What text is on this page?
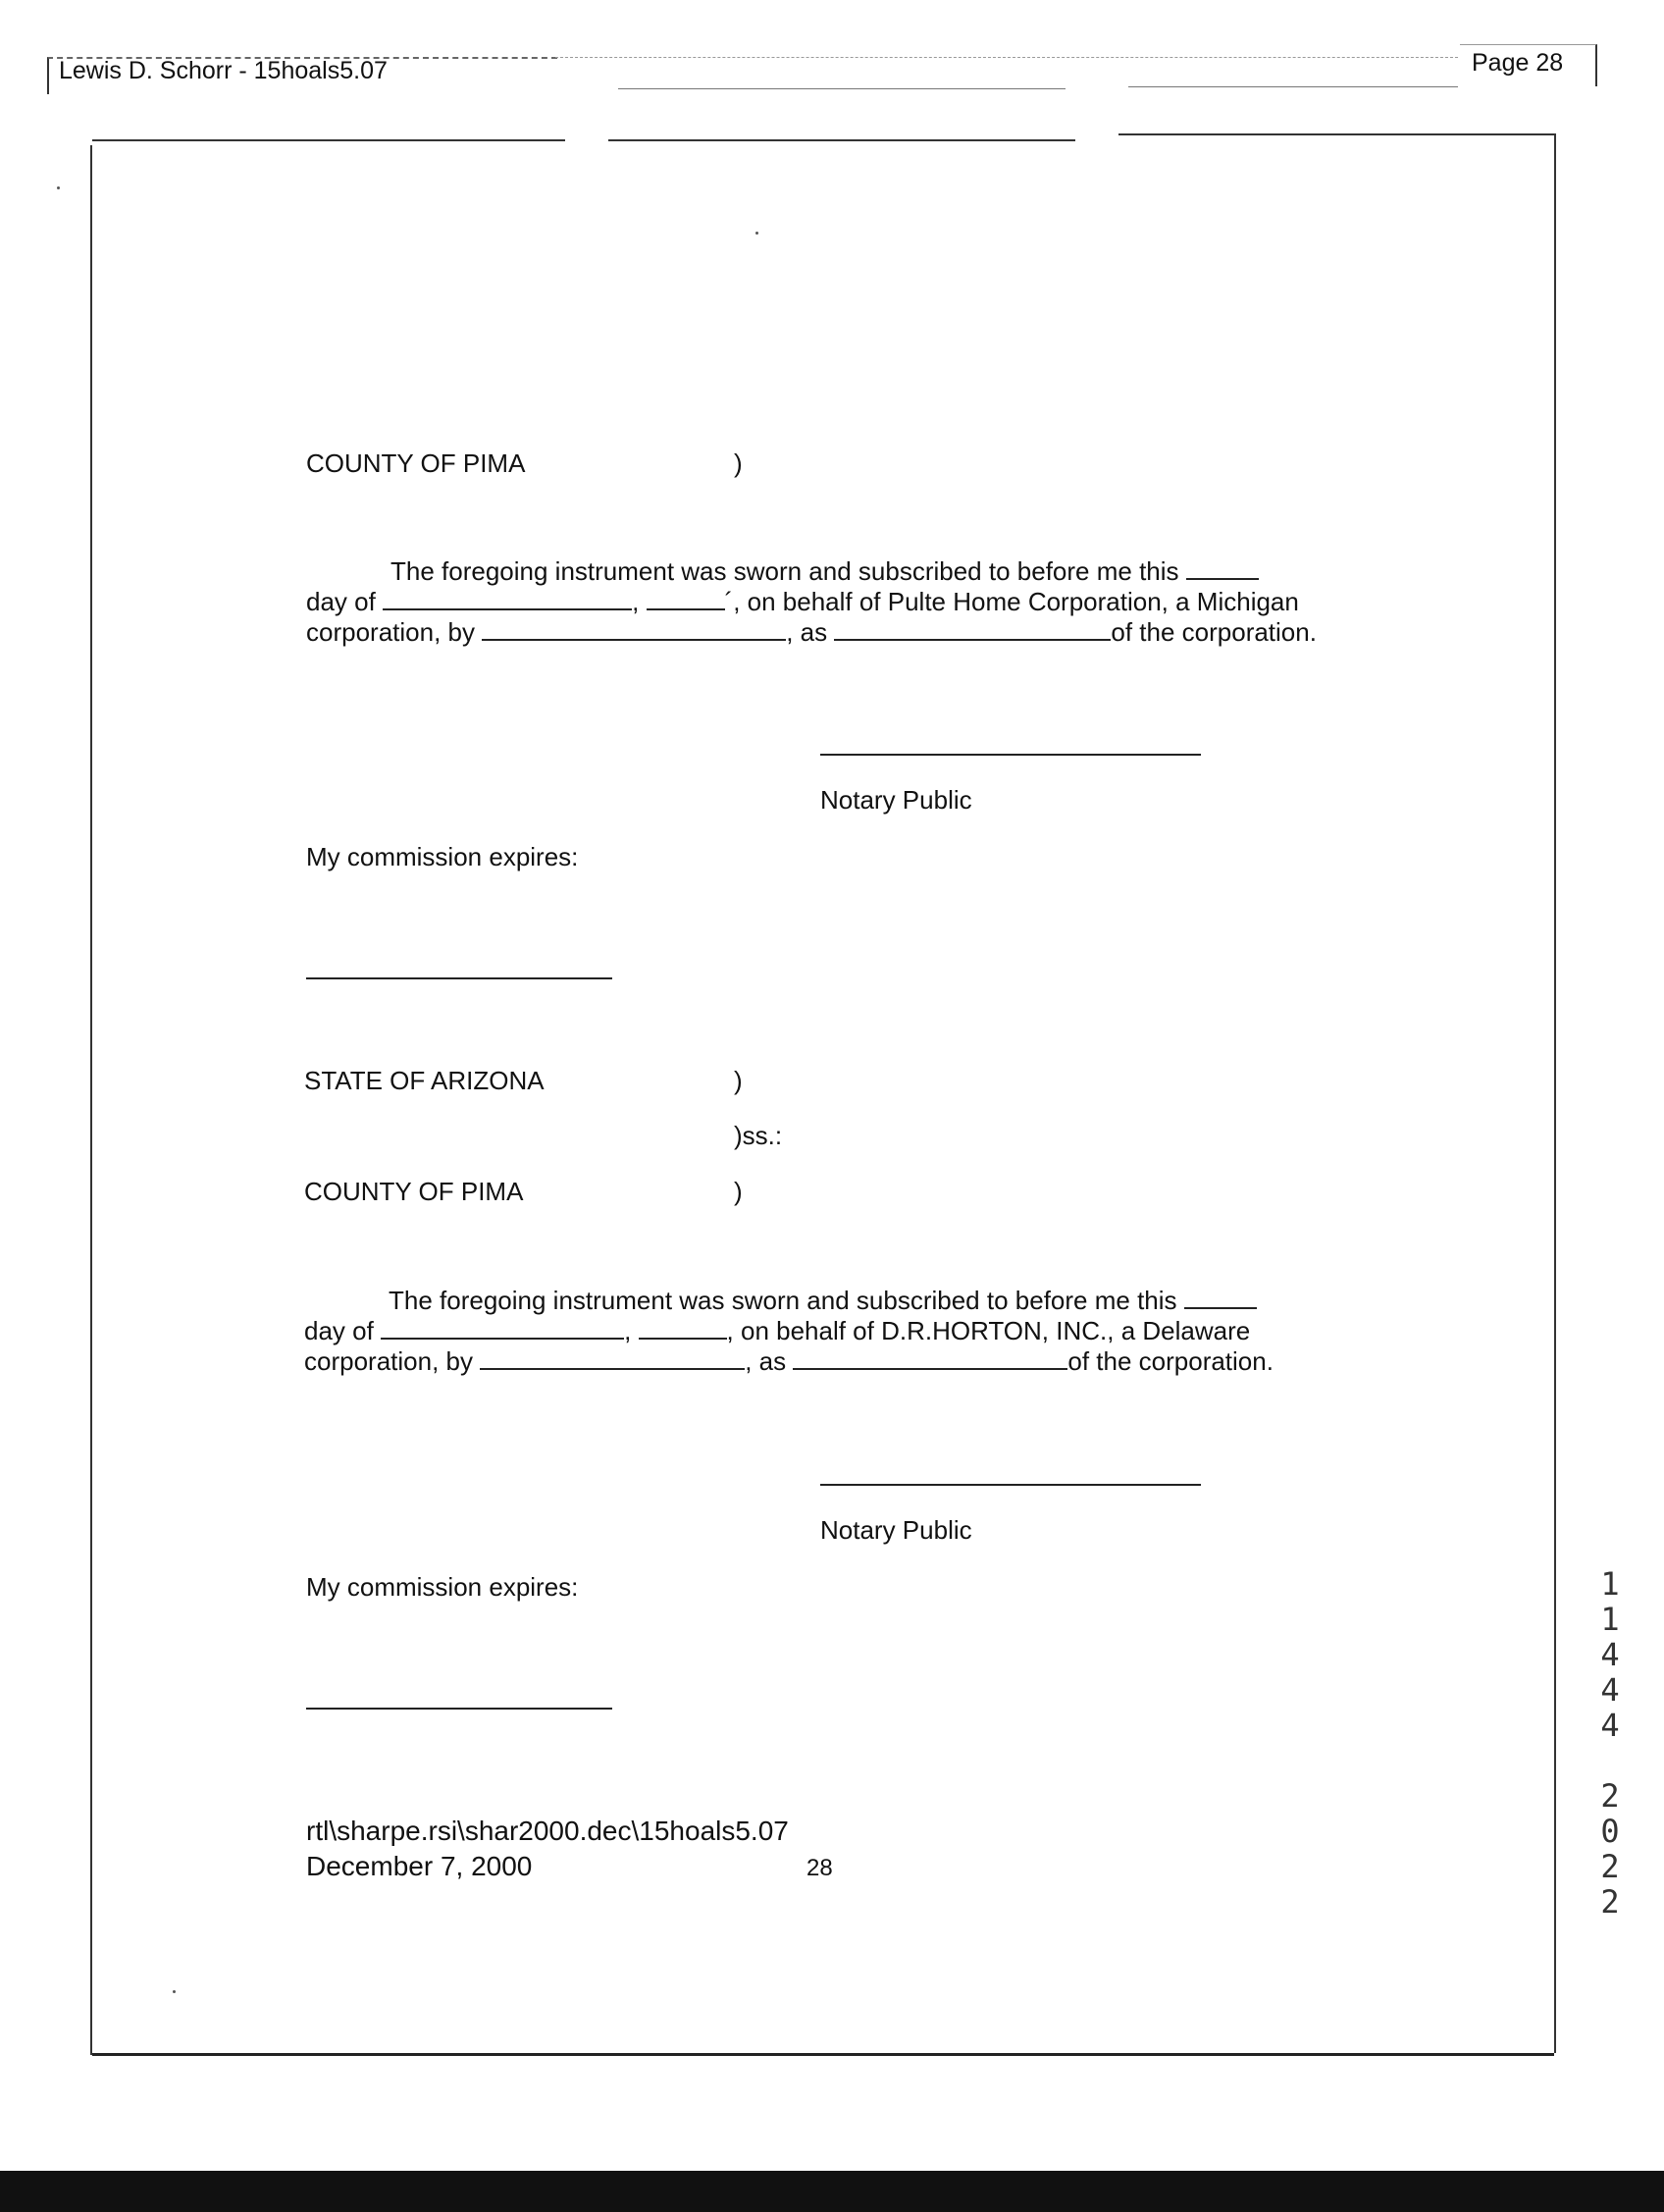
Lewis D. Schorr - 15hoals5.07	Page 28
COUNTY OF PIMA	)
The foregoing instrument was sworn and subscribed to before me this
day of	,	´, on behalf of Pulte Home Corporation, a Michigan
corporation, by	, as	of the corporation.
Notary Public
My commission expires:
STATE OF ARIZONA	)
)ss.:
COUNTY OF PIMA	)
The foregoing instrument was sworn and subscribed to before me this
day of	,	, on behalf of D.R.HORTON, INC., a Delaware
corporation, by	, as	of the corporation.
Notary Public
My commission expires:
rtl\sharpe.rsi\shar2000.dec\15hoals5.07
December 7, 2000	28
1
1
4
4
4

2
0
2
2
